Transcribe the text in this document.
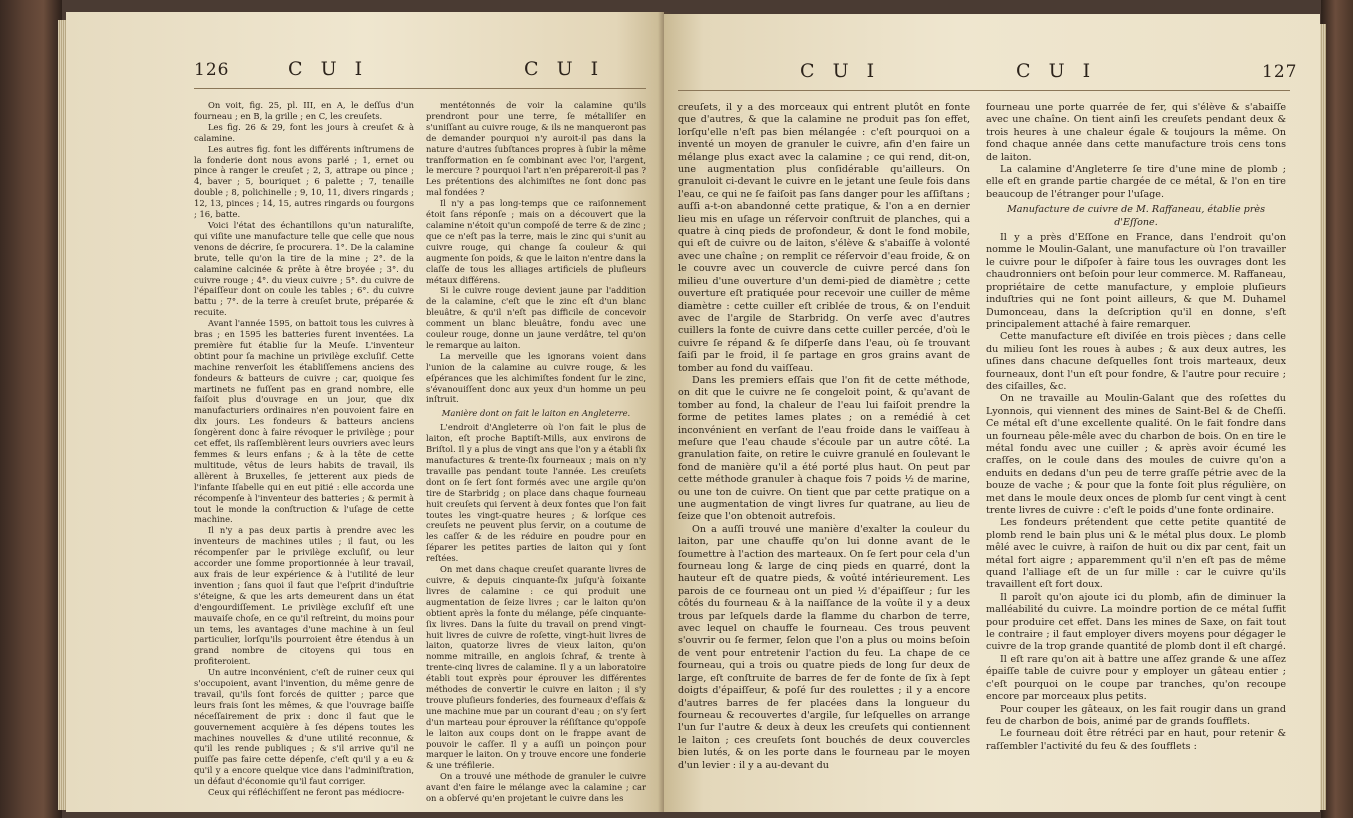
126	C U I	C U I

On voit, fig. 25, pl. III, en A, le deſſus d'un fourneau ; en B, la grille ; en C, les creuſets.

Les fig. 26 & 29, font les jours à creuſet & à calamine.

Les autres fig. font les différents inſtrumens de la fonderie dont nous avons parlé ; 1, ernet ou pince à ranger le creuſet ; 2, 3, attrape ou pince ; 4, baver ; 5, bouriquet ; 6 palette ; 7, tenaille double ; 8, polichinelle ; 9, 10, 11, divers ringards ; 12, 13, pinces ; 14, 15, autres ringards ou fourgons ; 16, batte.

Voici l'état des échantillons qu'un naturaliſte, qui viſite une manufacture telle que celle que nous venons de décrire, ſe procurera. 1°. De la calamine brute, telle qu'on la tire de la mine ; 2°. de la calamine calcinée & prête à être broyée ; 3°. du cuivre rouge ; 4°. du vieux cuivre ; 5°. du cuivre de l'épaiſſeur dont on coule les tables ; 6°. du cuivre battu ; 7°. de la terre à creuſet brute, préparée & recuite.

Avant l'année 1595, on battoit tous les cuivres à bras ; en 1595 les batteries furent inventées. La première fut établie ſur la Meuſe. L'inventeur obtint pour ſa machine un privilège excluſif. Cette machine renverſoit les établiſſemens anciens des fondeurs & batteurs de cuivre ; car, quoique ſes martinets ne fuſſent pas en grand nombre, elle faiſoit plus d'ouvrage en un jour, que dix manufacturiers ordinaires n'en pouvoient faire en dix jours. Les fondeurs & batteurs anciens ſongèrent donc à faire révoquer le privilège ; pour cet effet, ils raſſemblèrent leurs ouvriers avec leurs femmes & leurs enfans ; & à la tête de cette multitude, vêtus de leurs habits de travail, ils allèrent à Bruxelles, ſe jetterent aux pieds de l'infante Iſabelle qui en eut pitié : elle accorda une récompenſe à l'inventeur des batteries ; & permit à tout le monde la conſtruction & l'uſage de cette machine.

Il n'y a pas deux partis à prendre avec les inventeurs de machines utiles ; il faut, ou les récompenſer par le privilège excluſif, ou leur accorder une ſomme proportionnée à leur travail, aux frais de leur expérience & à l'utilité de leur invention ; ſans quoi il faut que l'eſprit d'induſtrie s'éteigne, & que les arts demeurent dans un état d'engourdiſſement. Le privilège excluſif eſt une mauvaiſe choſe, en ce qu'il reſtreint, du moins pour un tems, les avantages d'une machine à un ſeul particulier, lorſqu'ils pourroient être étendus à un grand nombre de citoyens qui tous en profiteroient.

Un autre inconvénient, c'eſt de ruiner ceux qui s'occupoient, avant l'invention, du même genre de travail, qu'ils ſont forcés de quitter ; parce que leurs frais ſont les mêmes, & que l'ouvrage baiſſe néceſſairement de prix : donc il faut que le gouvernement acquière à ſes dépens toutes les machines nouvelles & d'une utilité reconnue, & qu'il les rende publiques ; & s'il arrive qu'il ne puiſſe pas faire cette dépenſe, c'eſt qu'il y a eu & qu'il y a encore quelque vice dans l'adminiſtration, un défaut d'économie qu'il faut corriger.

Ceux qui réfléchiſſent ne feront pas médiocre-

mentétonnés de voir la calamine qu'ils prendront pour une terre, ſe métalliſer en s'uniſſant au cuivre rouge, & ils ne manqueront pas de demander pourquoi n'y auroit-il pas dans la nature d'autres ſubſtances propres à ſubir la même tranſformation en ſe combinant avec l'or, l'argent, le mercure ? pourquoi l'art n'en prépareroit-il pas ? Les prétentions des alchimiſtes ne ſont donc pas mal fondées ?

Il n'y a pas long-temps que ce raiſonnement étoit ſans réponſe ; mais on a découvert que la calamine n'étoit qu'un compoſé de terre & de zinc ; que ce n'eſt pas la terre, mais le zinc qui s'unit au cuivre rouge, qui change ſa couleur & qui augmente ſon poids, & que le laiton n'entre dans la claſſe de tous les alliages artificiels de pluſieurs métaux différens.

Si le cuivre rouge devient jaune par l'addition de la calamine, c'eſt que le zinc eſt d'un blanc bleuâtre, & qu'il n'eſt pas difficile de concevoir comment un blanc bleuâtre, fondu avec une couleur rouge, donne un jaune verdâtre, tel qu'on le remarque au laiton.

La merveille que les ignorans voient dans l'union de la calamine au cuivre rouge, & les eſpérances que les alchimiſtes fondent ſur le zinc, s'évanouiſſent donc aux yeux d'un homme un peu inſtruit.

Manière dont on fait le laiton en Angleterre.

L'endroit d'Angleterre où l'on fait le plus de laiton, eſt proche Baptiſt-Mills, aux environs de Briſtol. Il y a plus de vingt ans que l'on y a établi ſix manufactures & trente-ſix fourneaux ; mais on n'y travaille pas pendant toute l'année. Les creuſets dont on ſe ſert ſont formés avec une argile qu'on tire de Starbridg ; on place dans chaque fourneau huit creuſets qui ſervent à deux fontes que l'on fait toutes les vingt-quatre heures ; & lorſque ces creuſets ne peuvent plus ſervir, on a coutume de les caſſer & de les réduire en poudre pour en ſéparer les petites parties de laiton qui y ſont reſtées.

On met dans chaque creuſet quarante livres de cuivre, & depuis cinquante-ſix juſqu'à ſoixante livres de calamine : ce qui produit une augmentation de ſeize livres ; car le laiton qu'on obtient après la fonte du mélange, péſe cinquante-ſix livres. Dans la ſuite du travail on prend vingt-huit livres de cuivre de roſette, vingt-huit livres de laiton, quatorze livres de vieux laiton, qu'on nomme mitraille, en anglois ſchraf, & trente à trente-cinq livres de calamine. Il y a un laboratoire établi tout exprès pour éprouver les différentes méthodes de convertir le cuivre en laiton ; il s'y trouve pluſieurs fonderies, des fourneaux d'eſſais & une machine mue par un courant d'eau ; on s'y ſert d'un marteau pour éprouver la réſiſtance qu'oppoſe le laiton aux coups dont on le frappe avant de pouvoir le caſſer. Il y a auſſi un poinçon pour marquer le laiton. On y trouve encore une fonderie & une tréfilerie.

On a trouvé une méthode de granuler le cuivre avant d'en faire le mélange avec la calamine ; car on a obſervé qu'en projetant le cuivre dans les

C U I	C U I	127

creuſets, il y a des morceaux qui entrent plutôt en fonte que d'autres, & que la calamine ne produit pas ſon effet, lorſqu'elle n'eſt pas bien mélangée : c'eſt pourquoi on a inventé un moyen de granuler le cuivre, afin d'en faire un mélange plus exact avec la calamine ; ce qui rend, dit-on, une augmentation plus conſidérable qu'ailleurs. On granuloit ci-devant le cuivre en le jetant une ſeule fois dans l'eau, ce qui ne ſe faiſoit pas ſans danger pour les aſſiſtans ; auſſi a-t-on abandonné cette pratique, & l'on a en dernier lieu mis en uſage un réſervoir conſtruit de planches, qui a quatre à cinq pieds de profondeur, & dont le fond mobile, qui eſt de cuivre ou de laiton, s'élève & s'abaiſſe à volonté avec une chaîne ; on remplit ce réſervoir d'eau froide, & on le couvre avec un couvercle de cuivre percé dans ſon milieu d'une ouverture d'un demi-pied de diamètre ; cette ouverture eſt pratiquée pour recevoir une cuiller de même diamètre : cette cuiller eſt criblée de trous, & on l'enduit avec de l'argile de Starbridg. On verſe avec d'autres cuillers la fonte de cuivre dans cette cuiller percée, d'où le cuivre ſe répand & ſe diſperſe dans l'eau, où ſe trouvant ſaiſi par le froid, il ſe partage en gros grains avant de tomber au fond du vaiſſeau.

Dans les premiers eſſais que l'on fit de cette méthode, on dit que le cuivre ne ſe congeloit point, & qu'avant de tomber au fond, la chaleur de l'eau lui faiſoit prendre la forme de petites lames plates ; on a remédié à cet inconvénient en verſant de l'eau froide dans le vaiſſeau à meſure que l'eau chaude s'écoule par un autre côté. La granulation faite, on retire le cuivre granulé en ſoulevant le fond de manière qu'il a été porté plus haut. On peut par cette méthode granuler à chaque fois 7 poids ½ de marine, ou une ton de cuivre. On tient que par cette pratique on a une augmentation de vingt livres ſur quatrane, au lieu de ſeize que l'on obtenoit autrefois.

On a auſſi trouvé une manière d'exalter la couleur du laiton, par une chauffe qu'on lui donne avant de le ſoumettre à l'action des marteaux. On ſe ſert pour cela d'un fourneau long & large de cinq pieds en quarré, dont la hauteur eſt de quatre pieds, & voûté intérieurement. Les parois de ce fourneau ont un pied ½ d'épaiſſeur ; ſur les côtés du fourneau & à la naiſſance de la voûte il y a deux trous par leſquels darde la flamme du charbon de terre, avec lequel on chauffe le fourneau. Ces trous peuvent s'ouvrir ou ſe fermer, ſelon que l'on a plus ou moins beſoin de vent pour entretenir l'action du feu. La chape de ce fourneau, qui a trois ou quatre pieds de long ſur deux de large, eſt conſtruite de barres de fer de fonte de ſix à ſept doigts d'épaiſſeur, & poſé ſur des roulettes ; il y a encore d'autres barres de fer placées dans la longueur du fourneau & recouvertes d'argile, ſur leſquelles on arrange l'un ſur l'autre & deux à deux les creuſets qui contiennent le laiton ; ces creuſets ſont bouchés de deux couvercles bien lutés, & on les porte dans le fourneau par le moyen d'un levier : il y a au-devant du

fourneau une porte quarrée de fer, qui s'élève & s'abaiſſe avec une chaîne. On tient ainſi les creuſets pendant deux & trois heures à une chaleur égale & toujours la même. On fond chaque année dans cette manufacture trois cens tons de laiton.

La calamine d'Angleterre ſe tire d'une mine de plomb ; elle eſt en grande partie chargée de ce métal, & l'on en tire beaucoup de l'étranger pour l'uſage.

Manufacture de cuivre de M. Raffaneau, établie près d'Eſſone.

Il y a près d'Eſſone en France, dans l'endroit qu'on nomme le Moulin-Galant, une manufacture où l'on travailler le cuivre pour le diſpoſer à faire tous les ouvrages dont les chaudronniers ont beſoin pour leur commerce. M. Raffaneau, propriétaire de cette manufacture, y emploie pluſieurs induſtries qui ne ſont point ailleurs, & que M. Duhamel Dumonceau, dans la deſcription qu'il en donne, s'eſt principalement attaché à faire remarquer.

Cette manufacture eſt diviſée en trois pièces ; dans celle du milieu ſont les roues à aubes ; & aux deux autres, les uſines dans chacune deſquelles ſont trois marteaux, deux fourneaux, dont l'un eſt pour fondre, & l'autre pour recuire ; des ciſailles, &c.

On ne travaille au Moulin-Galant que des roſettes du Lyonnois, qui viennent des mines de Saint-Bel & de Cheſſi. Ce métal eſt d'une excellente qualité. On le fait fondre dans un fourneau pêle-mêle avec du charbon de bois. On en tire le métal fondu avec une cuiller ; & après avoir écumé les craſſes, on le coule dans des moules de cuivre qu'on a enduits en dedans d'un peu de terre graſſe pétrie avec de la bouze de vache ; & pour que la fonte ſoit plus régulière, on met dans le moule deux onces de plomb ſur cent vingt à cent trente livres de cuivre : c'eſt le poids d'une fonte ordinaire.

Les fondeurs prétendent que cette petite quantité de plomb rend le bain plus uni & le métal plus doux. Le plomb mêlé avec le cuivre, à raiſon de huit ou dix par cent, fait un métal fort aigre ; apparemment qu'il n'en eſt pas de même quand l'alliage eſt de un ſur mille : car le cuivre qu'ils travaillent eſt fort doux.

Il paroît qu'on ajoute ici du plomb, afin de diminuer la malléabilité du cuivre. La moindre portion de ce métal ſuffit pour produire cet effet. Dans les mines de Saxe, on fait tout le contraire ; il faut employer divers moyens pour dégager le cuivre de la trop grande quantité de plomb dont il eſt chargé.

Il eſt rare qu'on ait à battre une aſſez grande & une aſſez épaiſſe table de cuivre pour y employer un gâteau entier ; c'eſt pourquoi on le coupe par tranches, qu'on recoupe encore par morceaux plus petits.

Pour couper les gâteaux, on les fait rougir dans un grand feu de charbon de bois, animé par de grands ſoufflets.

Le fourneau doit être rétréci par en haut, pour retenir & raſſembler l'activité du feu & des ſoufflets :
